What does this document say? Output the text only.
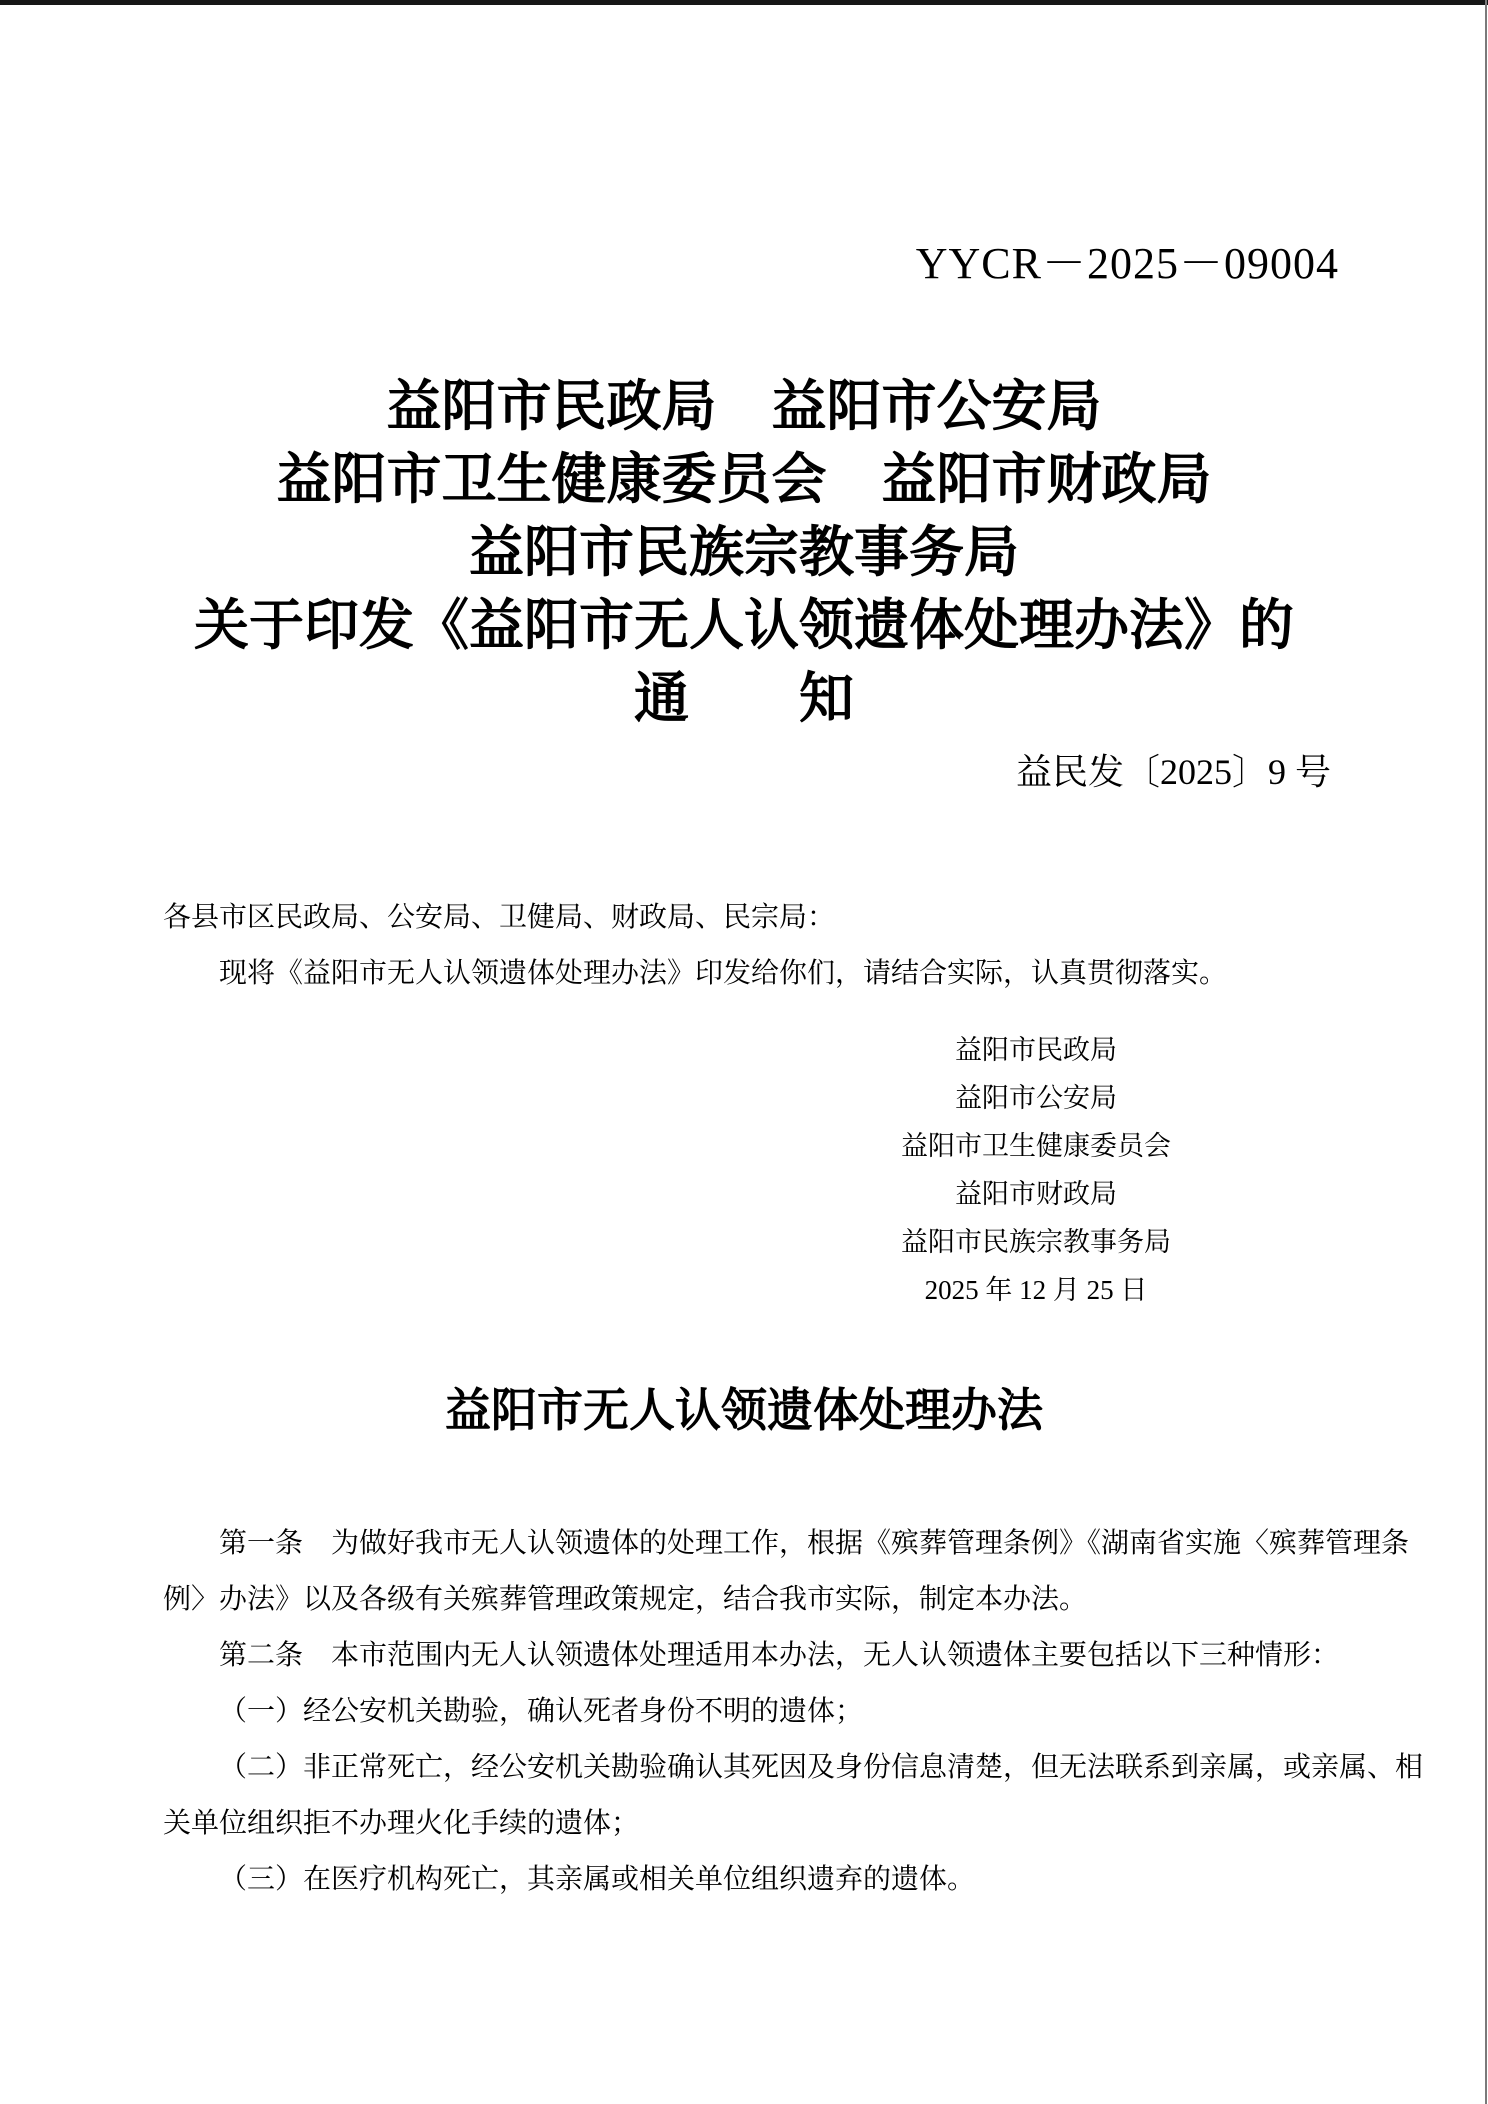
YYCR－2025－09004
益阳市民政局　益阳市公安局
益阳市卫生健康委员会　益阳市财政局
益阳市民族宗教事务局
关于印发《益阳市无人认领遗体处理办法》的
通　　知
益民发〔2025〕9 号
各县市区民政局、公安局、卫健局、财政局、民宗局：
现将《益阳市无人认领遗体处理办法》印发给你们，请结合实际，认真贯彻落实。
益阳市民政局
益阳市公安局
益阳市卫生健康委员会
益阳市财政局
益阳市民族宗教事务局
2025 年 12 月 25 日
益阳市无人认领遗体处理办法
第一条　为做好我市无人认领遗体的处理工作，根据《殡葬管理条例》《湖南省实施〈殡葬管理条
例〉办法》以及各级有关殡葬管理政策规定，结合我市实际，制定本办法。
第二条　本市范围内无人认领遗体处理适用本办法，无人认领遗体主要包括以下三种情形：
（一）经公安机关勘验，确认死者身份不明的遗体；
（二）非正常死亡，经公安机关勘验确认其死因及身份信息清楚，但无法联系到亲属，或亲属、相
关单位组织拒不办理火化手续的遗体；
（三）在医疗机构死亡，其亲属或相关单位组织遗弃的遗体。
